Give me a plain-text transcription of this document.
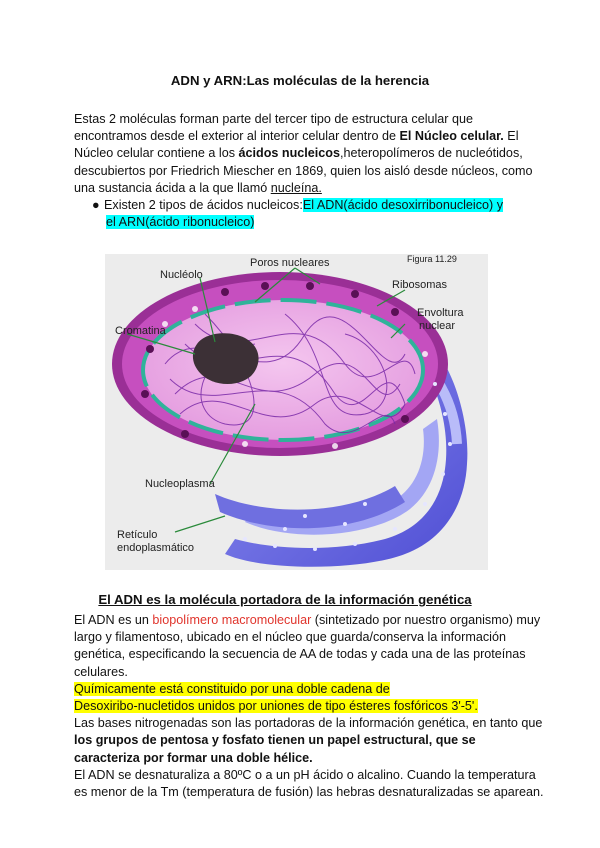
ADN y ARN:Las moléculas de la herencia
Estas 2 moléculas forman parte del tercer tipo de estructura celular que encontramos desde el exterior al interior celular dentro de El Núcleo celular. El Núcleo celular contiene a los ácidos nucleicos,heteropolímeros de nucleótidos, descubiertos por Friedrich Miescher en 1869, quien los aisló desde núcleos, como una sustancia ácida a la que llamó nucleína.
● Existen 2 tipos de ácidos nucleicos:El ADN(ácido desoxirribonucleico) y
el ARN(ácido ribonucleico)
Figura 11.29
Nucléolo
Poros nucleares
Ribosomas
Envoltura
nuclear
Cromatina
Nucleoplasma
Retículo
endoplasmático
El ADN es la molécula portadora de la información genética
El ADN es un biopolímero macromolecular (sintetizado por nuestro organismo) muy largo y filamentoso, ubicado en el núcleo que guarda/conserva la información genética, especificando la secuencia de AA de todas y cada una de las proteínas celulares.
Químicamente está constituido por una doble cadena de
Desoxiribo-nucletidos unidos por uniones de tipo ésteres fosfóricos 3'-5'.
Las bases nitrogenadas son las portadoras de la información genética, en tanto que los grupos de pentosa y fosfato tienen un papel estructural, que se caracteriza por formar una doble hélice.
El ADN se desnaturaliza a 80ºC o a un pH ácido o alcalino. Cuando la temperatura es menor de la Tm (temperatura de fusión) las hebras desnaturalizadas se aparean.
